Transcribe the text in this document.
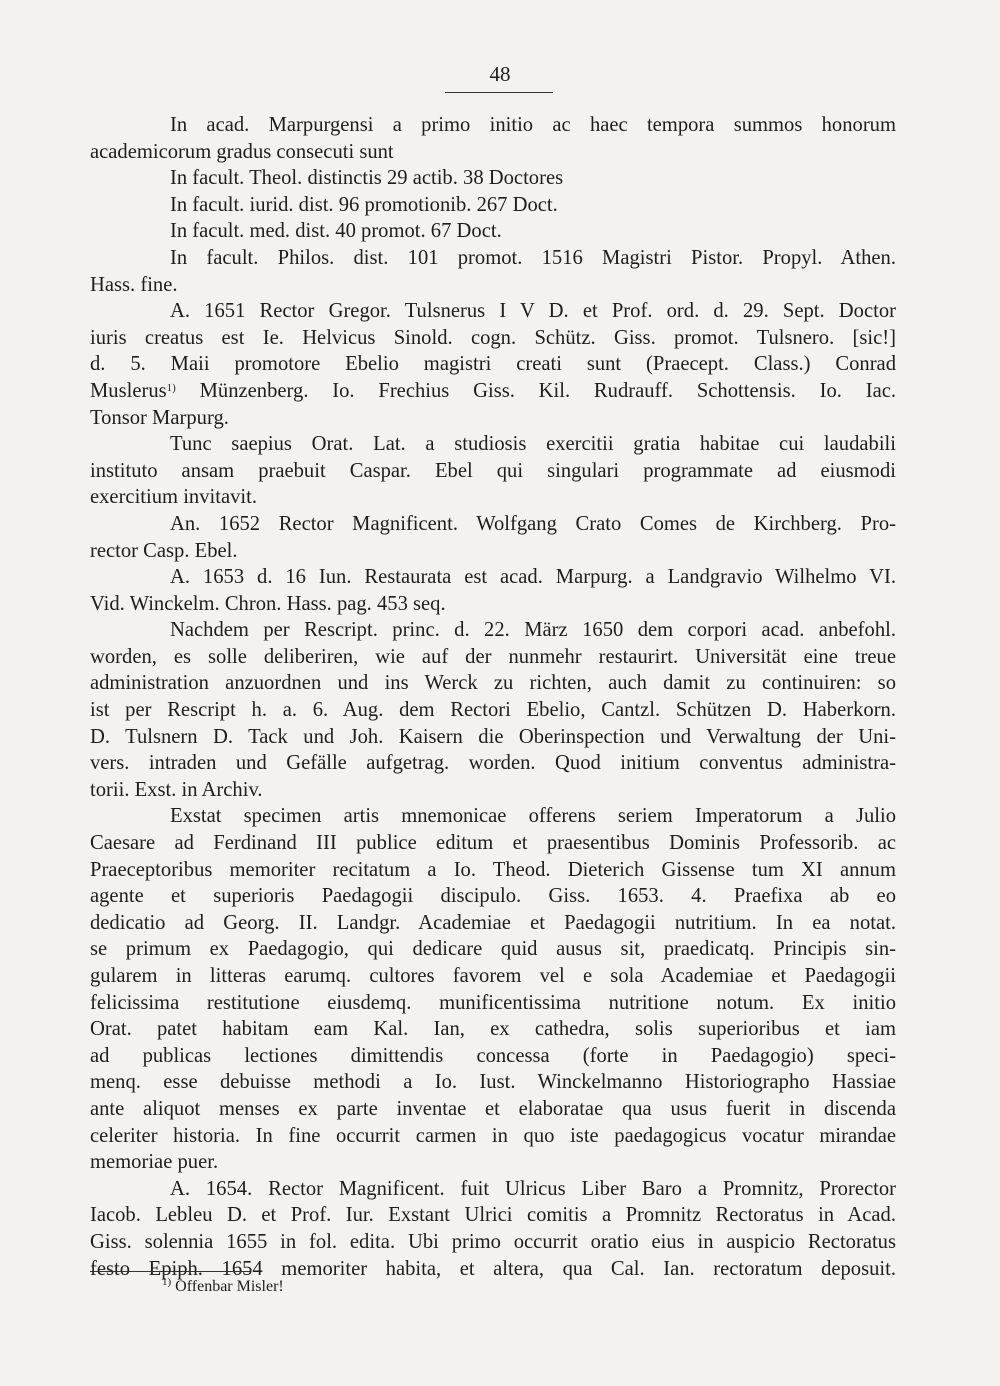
48
In acad. Marpurgensi a primo initio ac haec tempora summos honorum
academicorum gradus consecuti sunt
In facult. Theol. distinctis 29 actib. 38 Doctores
In facult. iurid. dist. 96 promotionib. 267 Doct.
In facult. med. dist. 40 promot. 67 Doct.
In facult. Philos. dist. 101 promot. 1516 Magistri Pistor. Propyl. Athen.
Hass. fine.
A. 1651 Rector Gregor. Tulsnerus I V D. et Prof. ord. d. 29. Sept. Doctor
iuris creatus est Ie. Helvicus Sinold. cogn. Schütz. Giss. promot. Tulsnero. [sic!]
d. 5. Maii promotore Ebelio magistri creati sunt (Praecept. Class.) Conrad
Muslerus$^{1)}$ Münzenberg. Io. Frechius Giss. Kil. Rudrauff. Schottensis. Io. Iac.
Tonsor Marpurg.
Tunc saepius Orat. Lat. a studiosis exercitii gratia habitae cui laudabili
instituto ansam praebuit Caspar. Ebel qui singulari programmate ad eiusmodi
exercitium invitavit.
An. 1652 Rector Magnificent. Wolfgang Crato Comes de Kirchberg. Pro-
rector Casp. Ebel.
A. 1653 d. 16 Iun. Restaurata est acad. Marpurg. a Landgravio Wilhelmo VI.
Vid. Winckelm. Chron. Hass. pag. 453 seq.
Nachdem per Rescript. princ. d. 22. März 1650 dem corpori acad. anbefohl.
worden, es solle deliberiren, wie auf der nunmehr restaurirt. Universität eine treue
administration anzuordnen und ins Werck zu richten, auch damit zu continuiren: so
ist per Rescript h. a. 6. Aug. dem Rectori Ebelio, Cantzl. Schützen D. Haberkorn.
D. Tulsnern D. Tack und Joh. Kaisern die Oberinspection und Verwaltung der Uni-
vers. intraden und Gefälle aufgetrag. worden. Quod initium conventus administra-
torii. Exst. in Archiv.
Exstat specimen artis mnemonicae offerens seriem Imperatorum a Julio
Caesare ad Ferdinand III publice editum et praesentibus Dominis Professorib. ac
Praeceptoribus memoriter recitatum a Io. Theod. Dieterich Gissense tum XI annum
agente et superioris Paedagogii discipulo. Giss. 1653. 4. Praefixa ab eo
dedicatio ad Georg. II. Landgr. Academiae et Paedagogii nutritium. In ea notat.
se primum ex Paedagogio, qui dedicare quid ausus sit, praedicatq. Principis sin-
gularem in litteras earumq. cultores favorem vel e sola Academiae et Paedagogii
felicissima restitutione eiusdemq. munificentissima nutritione notum. Ex initio
Orat. patet habitam eam Kal. Ian, ex cathedra, solis superioribus et iam
ad publicas lectiones dimittendis concessa (forte in Paedagogio) speci-
menq. esse debuisse methodi a Io. Iust. Winckelmanno Historiographo Hassiae
ante aliquot menses ex parte inventae et elaboratae qua usus fuerit in discenda
celeriter historia. In fine occurrit carmen in quo iste paedagogicus vocatur mirandae
memoriae puer.
A. 1654. Rector Magnificent. fuit Ulricus Liber Baro a Promnitz, Prorector
Iacob. Lebleu D. et Prof. Iur. Exstant Ulrici comitis a Promnitz Rectoratus in Acad.
Giss. solennia 1655 in fol. edita. Ubi primo occurrit oratio eius in auspicio Rectoratus
festo Epiph. 1654 memoriter habita, et altera, qua Cal. Ian. rectoratum deposuit.
$^{1)}$ Offenbar Misler!
